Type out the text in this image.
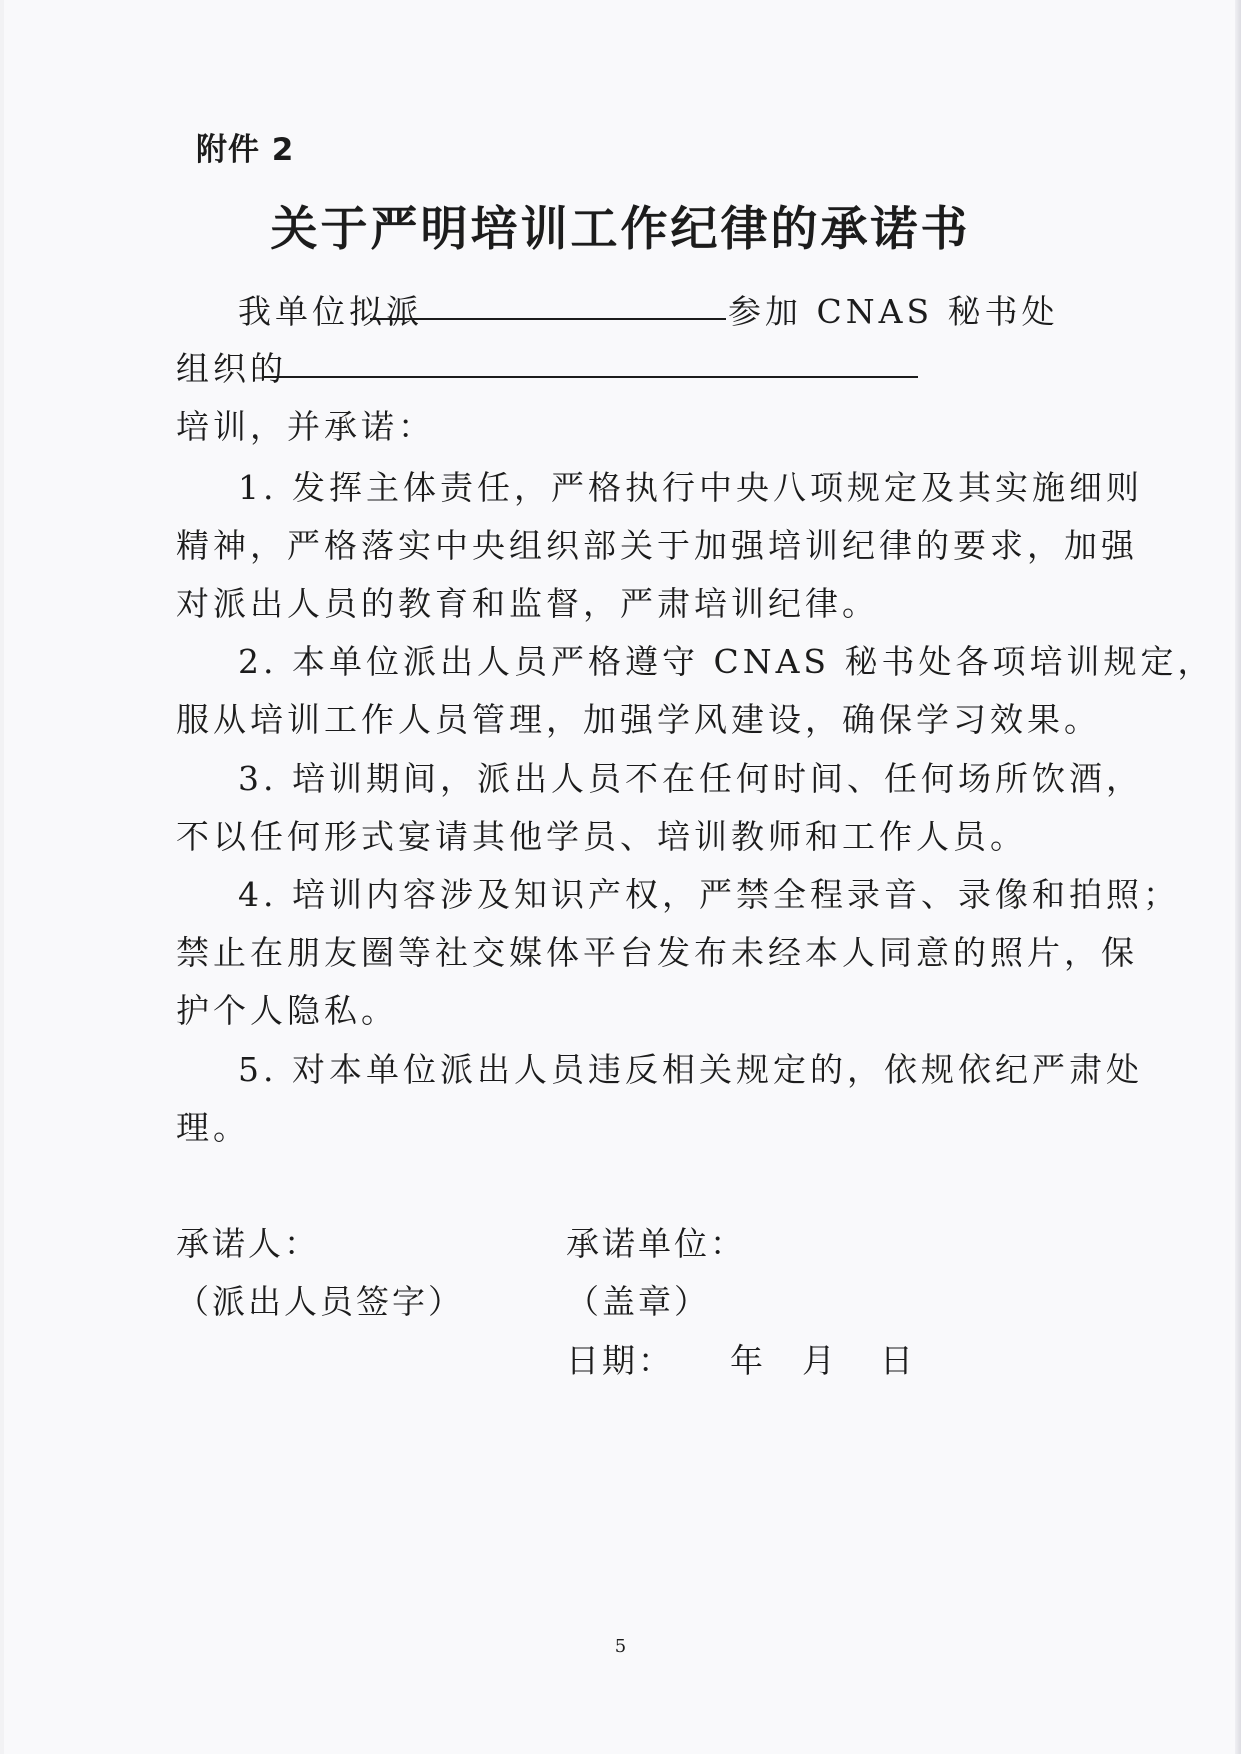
附件 2
关于严明培训工作纪律的承诺书
我单位拟派	参加 CNAS 秘书处
组织的
培训，并承诺：
1. 发挥主体责任，严格执行中央八项规定及其实施细则
精神，严格落实中央组织部关于加强培训纪律的要求，加强
对派出人员的教育和监督，严肃培训纪律。
2. 本单位派出人员严格遵守 CNAS 秘书处各项培训规定，
服从培训工作人员管理，加强学风建设，确保学习效果。
3. 培训期间，派出人员不在任何时间、任何场所饮酒，
不以任何形式宴请其他学员、培训教师和工作人员。
4. 培训内容涉及知识产权，严禁全程录音、录像和拍照；
禁止在朋友圈等社交媒体平台发布未经本人同意的照片，保
护个人隐私。
5. 对本单位派出人员违反相关规定的，依规依纪严肃处
理。
承诺人：
（派出人员签字）
承诺单位：
（盖章）
日期： 年 月 日
5
